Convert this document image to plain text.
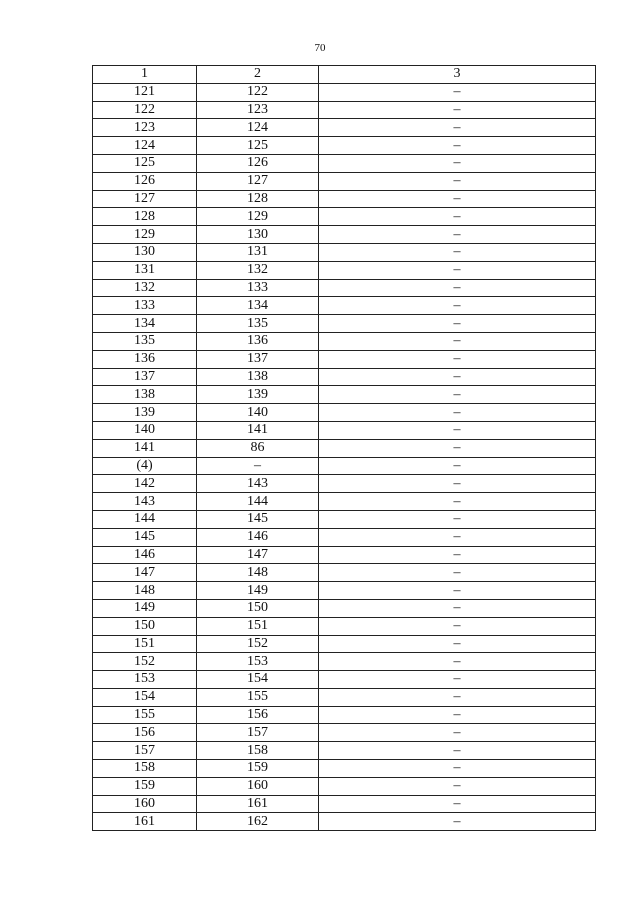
70
1	2	3
121	122	–
122	123	–
123	124	–
124	125	–
125	126	–
126	127	–
127	128	–
128	129	–
129	130	–
130	131	–
131	132	–
132	133	–
133	134	–
134	135	–
135	136	–
136	137	–
137	138	–
138	139	–
139	140	–
140	141	–
141	86	–
(4)	–	–
142	143	–
143	144	–
144	145	–
145	146	–
146	147	–
147	148	–
148	149	–
149	150	–
150	151	–
151	152	–
152	153	–
153	154	–
154	155	–
155	156	–
156	157	–
157	158	–
158	159	–
159	160	–
160	161	–
161	162	–
